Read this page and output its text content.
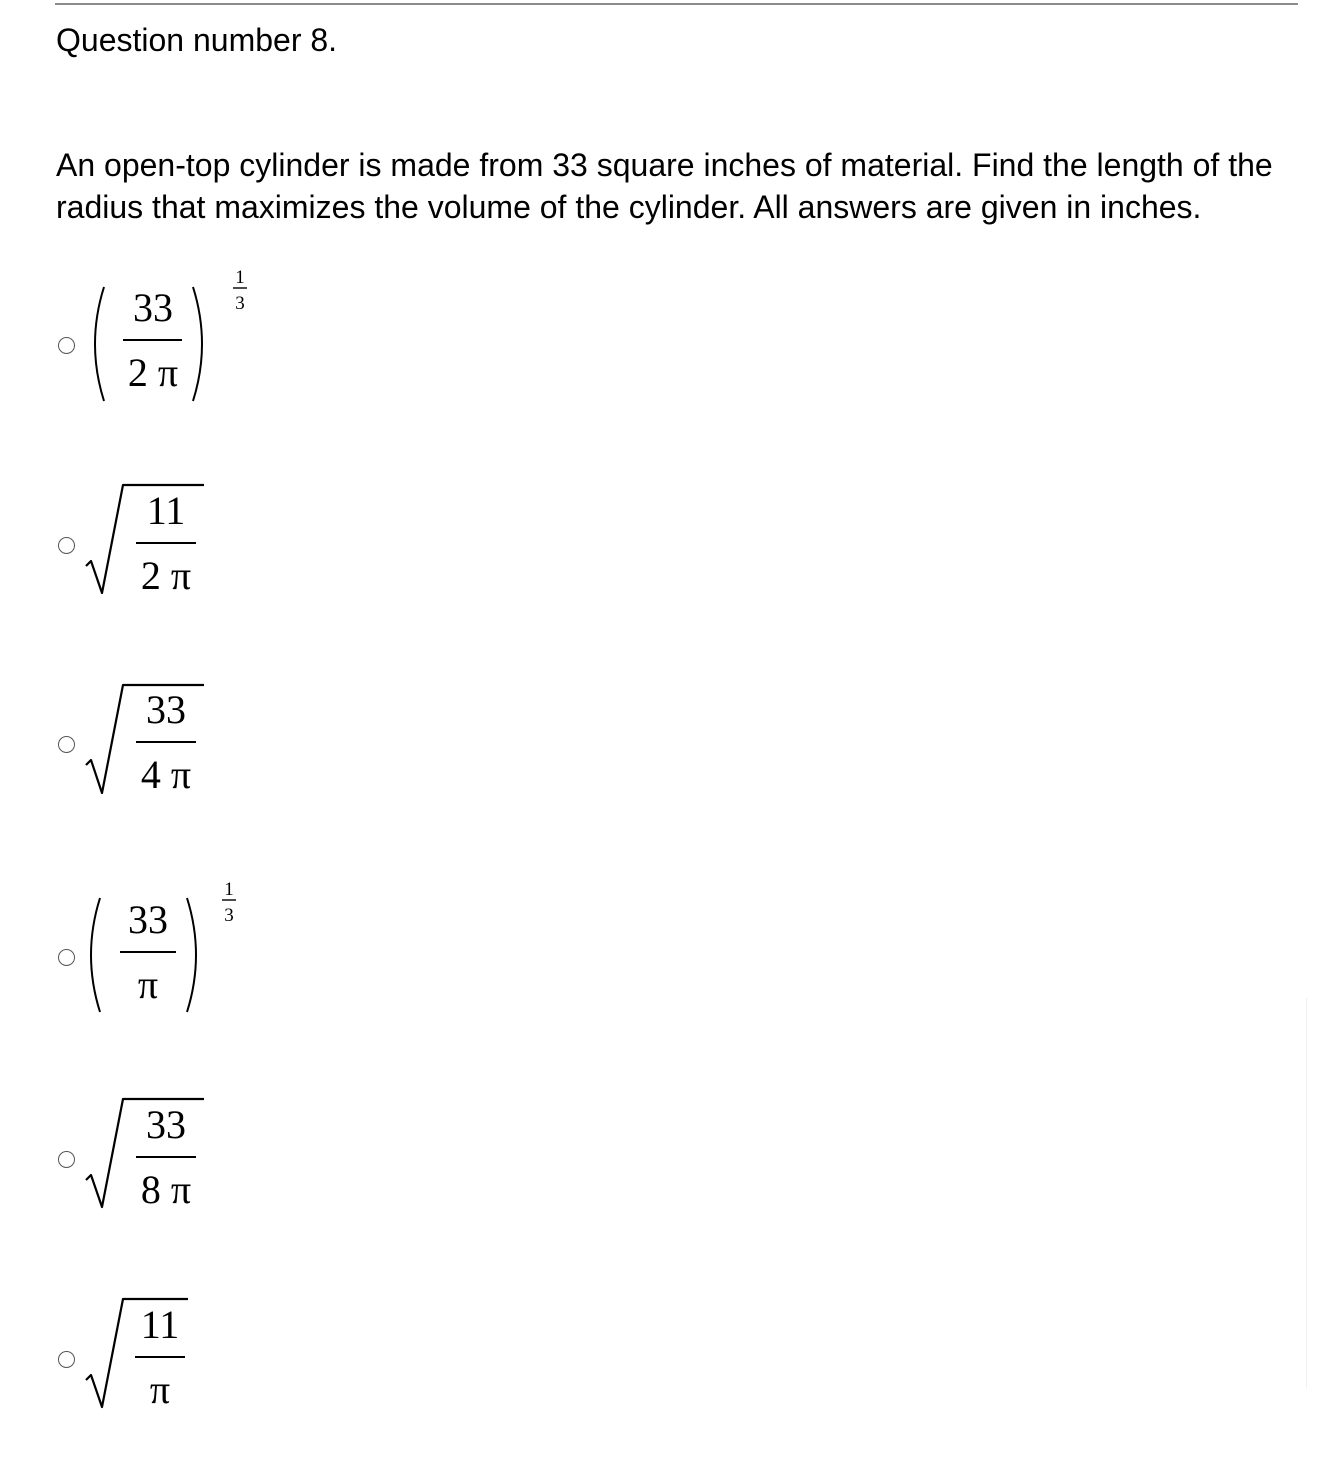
Question number 8.
An open-top cylinder is made from 33 square inches of material. Find the length of the radius that maximizes the volume of the cylinder. All answers are given in inches.
33
2 π
1
3
11
2 π
33
4 π
33
π
1
3
33
8 π
11
π
